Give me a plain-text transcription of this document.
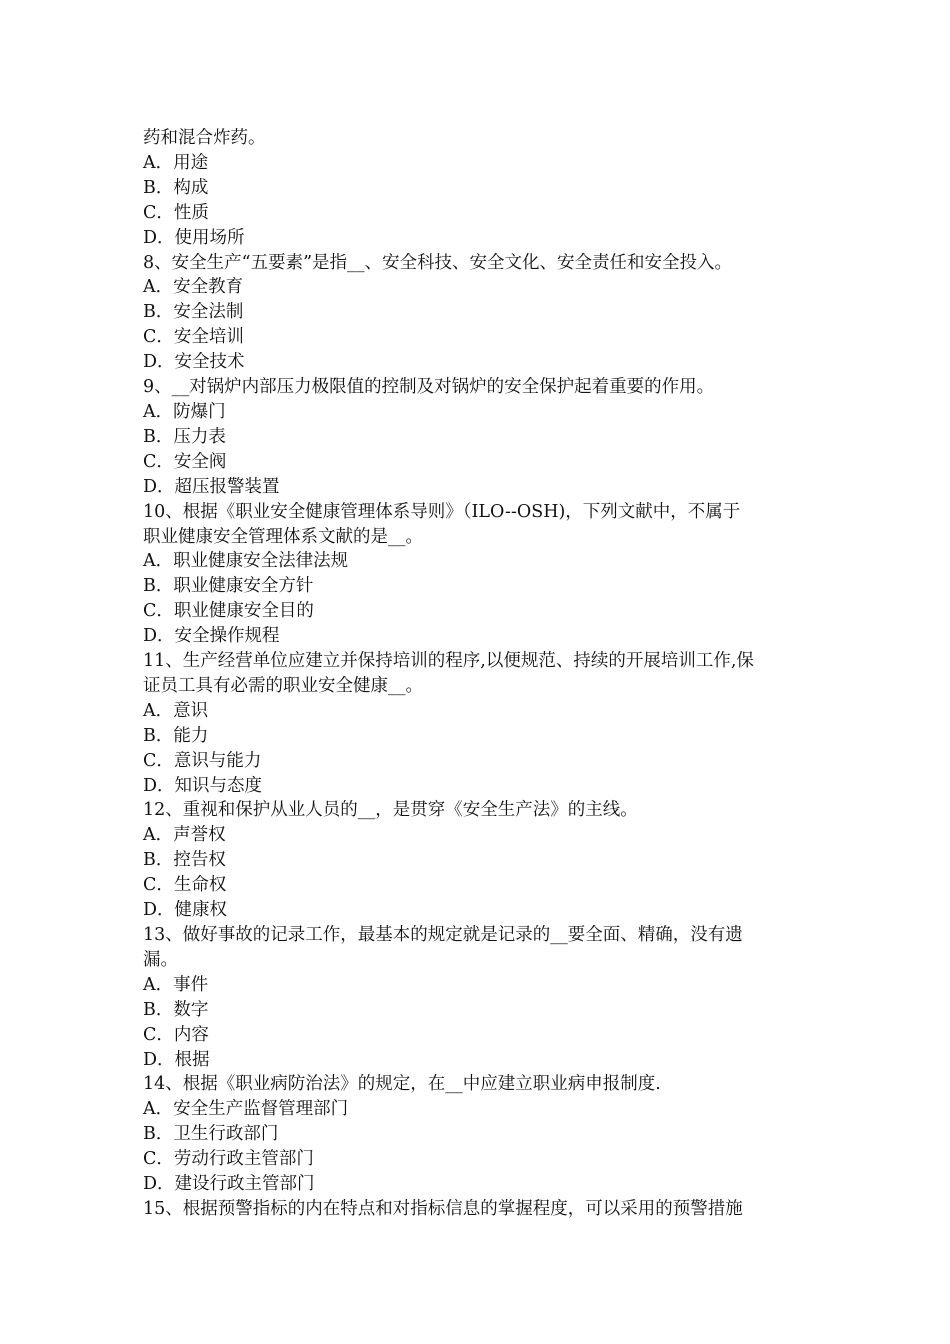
药和混合炸药。

A．用途

B．构成

C．性质

D．使用场所

8、安全生产“五要素”是指__、安全科技、安全文化、安全责任和安全投入。

A．安全教育

B．安全法制

C．安全培训

D．安全技术

9、__对锅炉内部压力极限值的控制及对锅炉的安全保护起着重要的作用。

A．防爆门

B．压力表

C．安全阀

D．超压报警装置

10、根据《职业安全健康管理体系导则》（ILO--OSH)，下列文献中，不属于

职业健康安全管理体系文献的是__。

A．职业健康安全法律法规

B．职业健康安全方针

C．职业健康安全目的

D．安全操作规程

11、生产经营单位应建立并保持培训的程序,以便规范、持续的开展培训工作,保

证员工具有必需的职业安全健康__。

A．意识

B．能力

C．意识与能力

D．知识与态度

12、重视和保护从业人员的__，是贯穿《安全生产法》的主线。

A．声誉权

B．控告权

C．生命权

D．健康权

13、做好事故的记录工作，最基本的规定就是记录的__要全面、精确，没有遗

漏。

A．事件

B．数字

C．内容

D．根据

14、根据《职业病防治法》的规定，在__中应建立职业病申报制度.

A．安全生产监督管理部门

B．卫生行政部门

C．劳动行政主管部门

D．建设行政主管部门

15、根据预警指标的内在特点和对指标信息的掌握程度，可以采用的预警措施
